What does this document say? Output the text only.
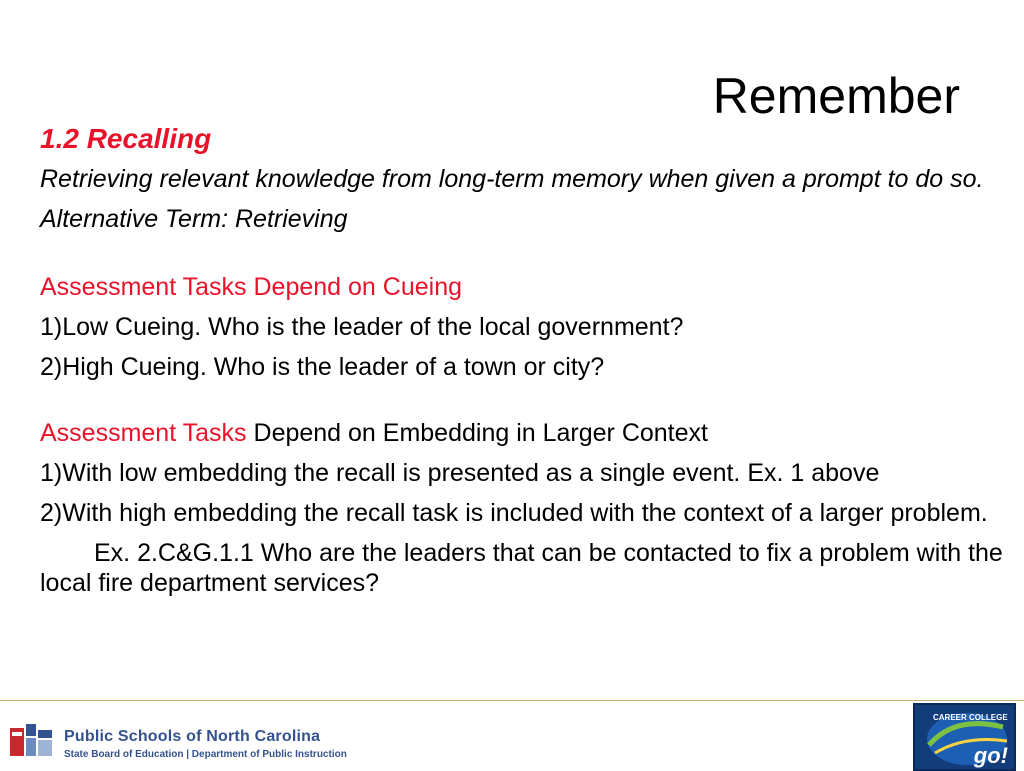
Remember

1.2 Recalling

Retrieving relevant knowledge from long-term memory when given a prompt to do so.

Alternative Term: Retrieving

Assessment Tasks Depend on Cueing

1)Low Cueing. Who is the leader of the local government?

2)High Cueing. Who is the leader of a town or city?

Assessment Tasks Depend on Embedding in Larger Context

1)With low embedding the recall is presented as a single event. Ex. 1 above

2)With high embedding the recall task is included with the context of a larger problem.

Ex. 2.C&G.1.1 Who are the leaders that can be contacted to fix a problem with the local fire department services?

Public Schools of North Carolina
State Board of Education | Department of Public Instruction
CAREER COLLEGE
go!
